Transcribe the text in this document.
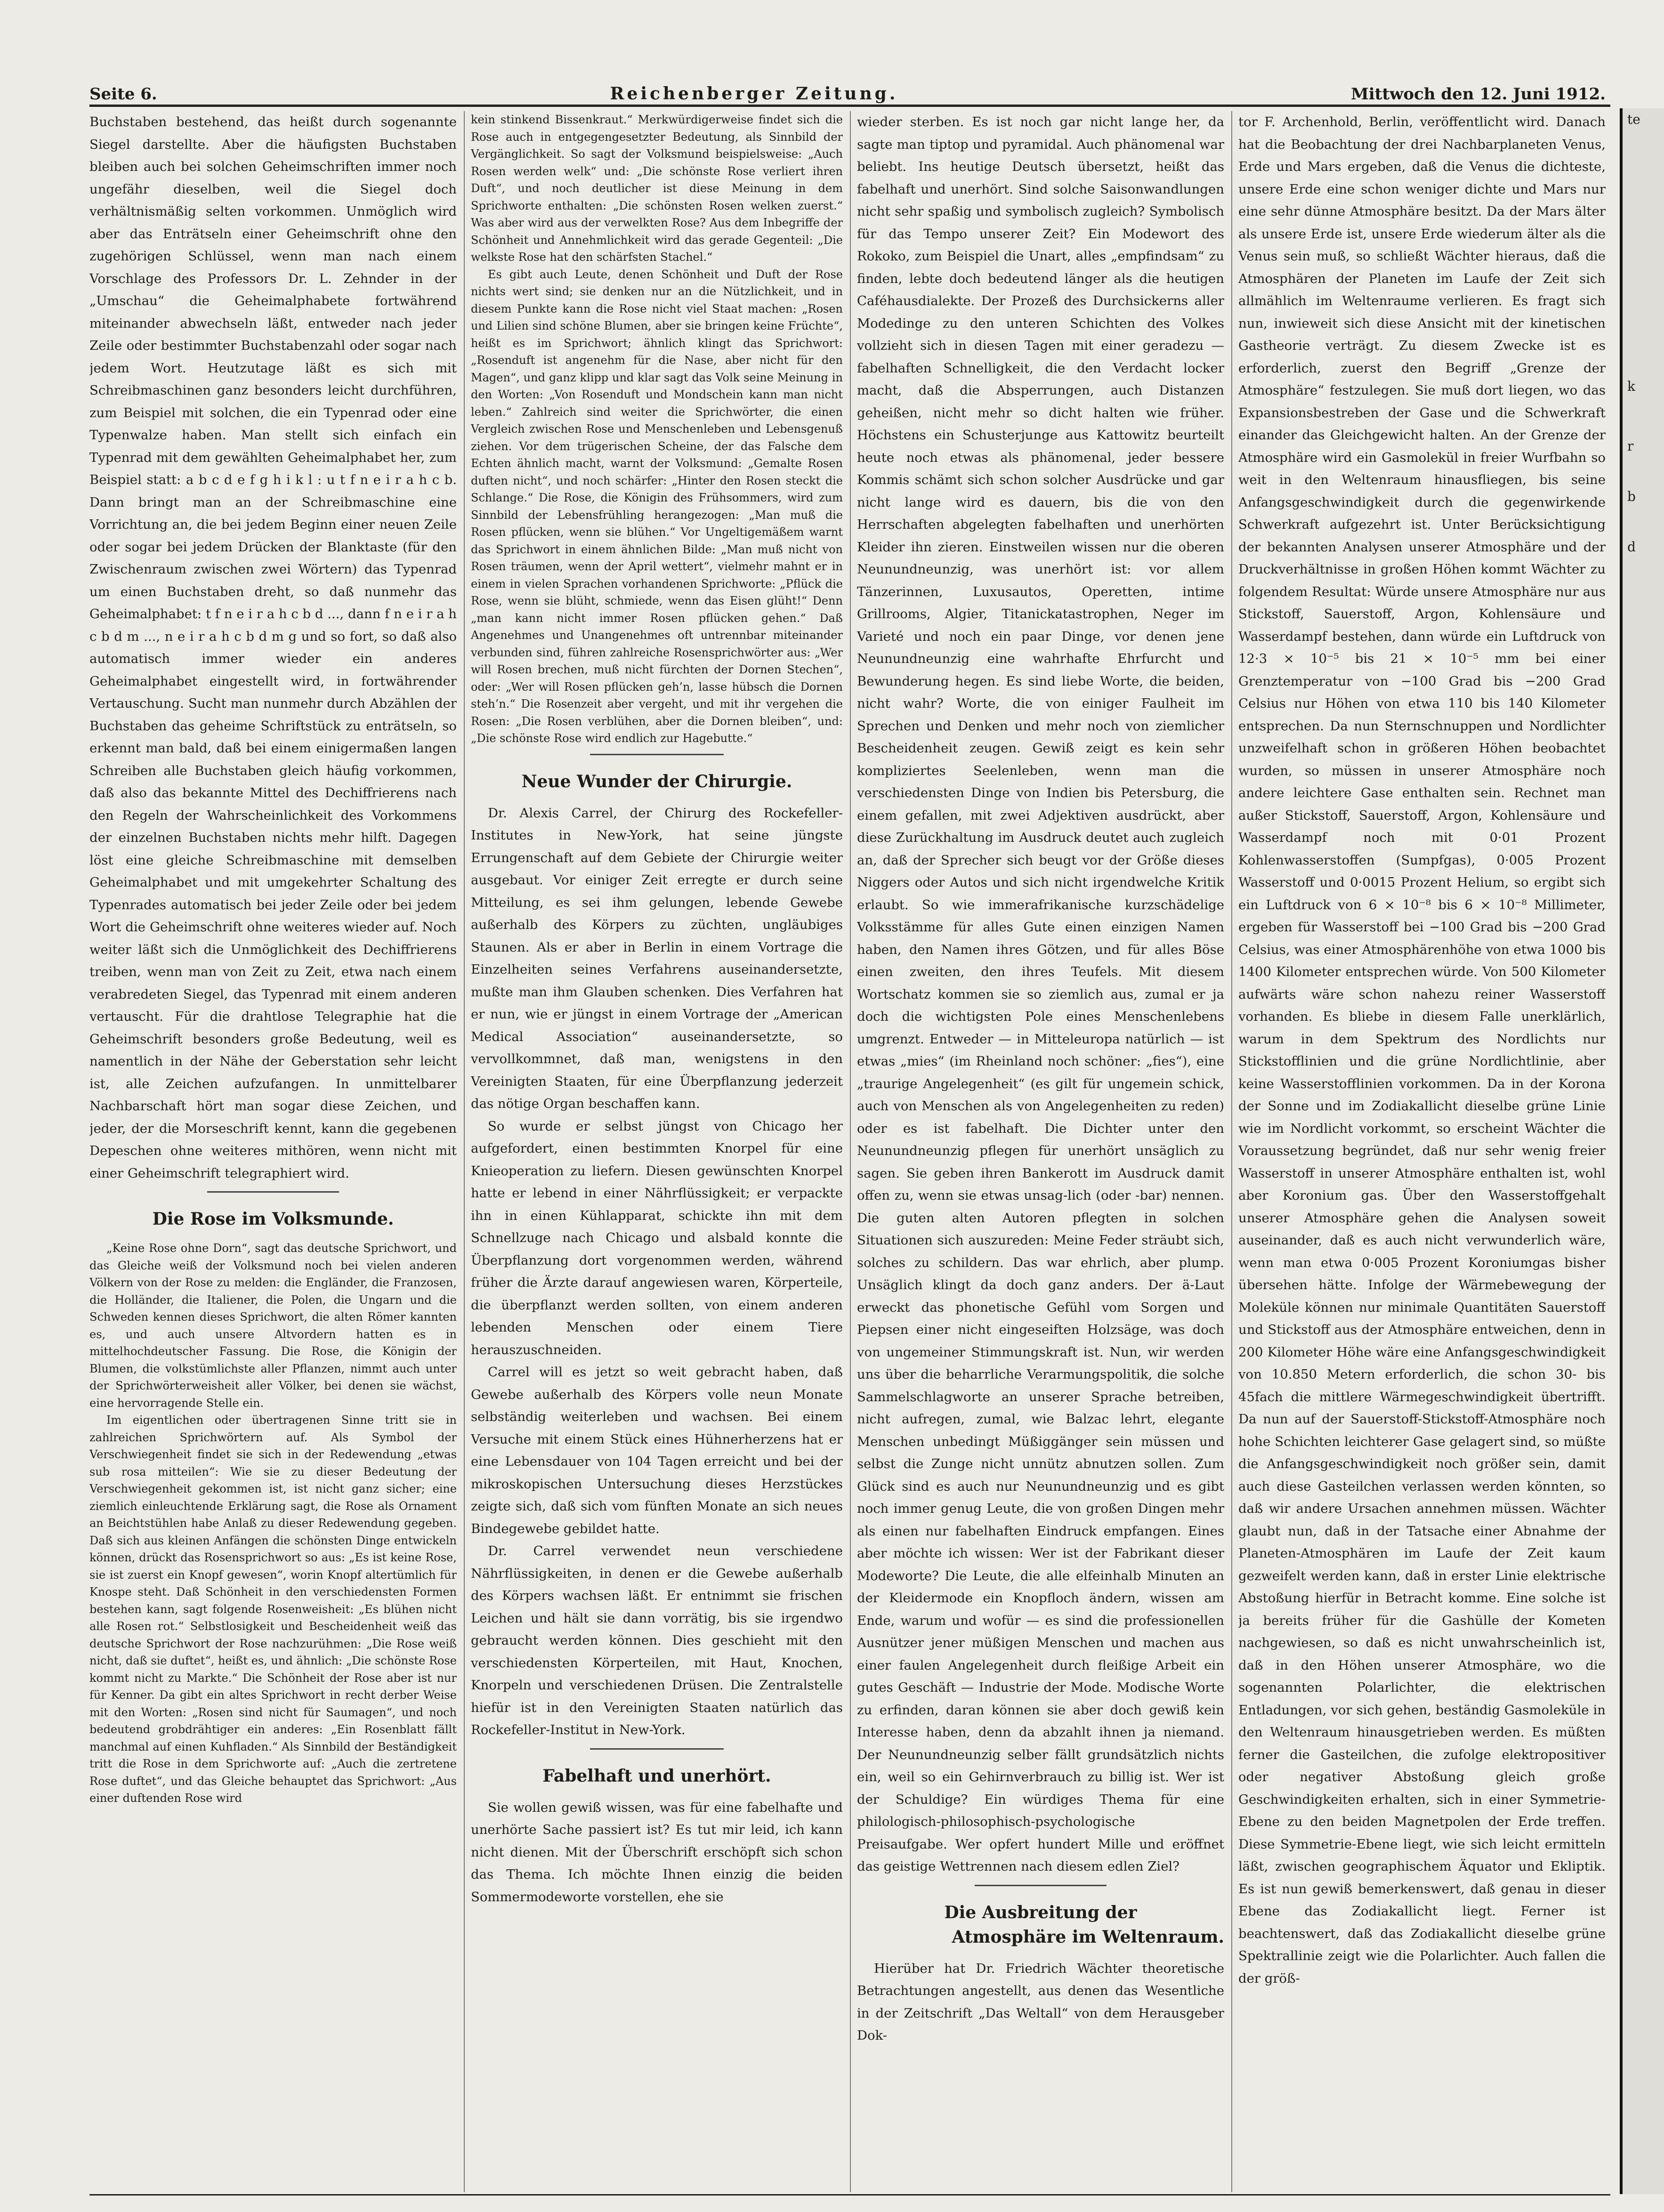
Seite 6.	Reichenberger Zeitung.	Mittwoch den 12. Juni 1912.

Buchstaben bestehend, das heißt durch sogenannte Siegel darstellte. Aber die häufigsten Buchstaben bleiben auch bei solchen Geheimschriften immer noch ungefähr dieselben, weil die Siegel doch verhältnismäßig selten vorkommen. Unmöglich wird aber das Enträtseln einer Geheimschrift ohne den zugehörigen Schlüssel, wenn man nach einem Vorschlage des Professors Dr. L. Zehnder in der „Umschau“ die Geheimalphabete fortwährend miteinander abwechseln läßt, entweder nach jeder Zeile oder bestimmter Buchstabenzahl oder sogar nach jedem Wort. Heutzutage läßt es sich mit Schreibmaschinen ganz besonders leicht durchführen, zum Beispiel mit solchen, die ein Typenrad oder eine Typenwalze haben. Man stellt sich einfach ein Typenrad mit dem gewählten Geheimalphabet her, zum Beispiel statt: a b c d e f g h i k l : u t f n e i r a h c b. Dann bringt man an der Schreibmaschine eine Vorrichtung an, die bei jedem Beginn einer neuen Zeile oder sogar bei jedem Drücken der Blanktaste (für den Zwischenraum zwischen zwei Wörtern) das Typenrad um einen Buchstaben dreht, so daß nunmehr das Geheimalphabet: t f n e i r a h c b d ..., dann f n e i r a h c b d m ..., n e i r a h c b d m g und so fort, so daß also automatisch immer wieder ein anderes Geheimalphabet eingestellt wird, in fortwährender Vertauschung. Sucht man nunmehr durch Abzählen der Buchstaben das geheime Schriftstück zu enträtseln, so erkennt man bald, daß bei einem einigermaßen langen Schreiben alle Buchstaben gleich häufig vorkommen, daß also das bekannte Mittel des Dechiffrierens nach den Regeln der Wahrscheinlichkeit des Vorkommens der einzelnen Buchstaben nichts mehr hilft. Dagegen löst eine gleiche Schreibmaschine mit demselben Geheimalphabet und mit umgekehrter Schaltung des Typenrades automatisch bei jeder Zeile oder bei jedem Wort die Geheimschrift ohne weiteres wieder auf. Noch weiter läßt sich die Unmöglichkeit des Dechiffrierens treiben, wenn man von Zeit zu Zeit, etwa nach einem verabredeten Siegel, das Typenrad mit einem anderen vertauscht. Für die drahtlose Telegraphie hat die Geheimschrift besonders große Bedeutung, weil es namentlich in der Nähe der Geberstation sehr leicht ist, alle Zeichen aufzufangen. In unmittelbarer Nachbarschaft hört man sogar diese Zeichen, und jeder, der die Morseschrift kennt, kann die gegebenen Depeschen ohne weiteres mithören, wenn nicht mit einer Geheimschrift telegraphiert wird.

Die Rose im Volksmunde.

„Keine Rose ohne Dorn“, sagt das deutsche Sprichwort, und das Gleiche weiß der Volksmund noch bei vielen anderen Völkern von der Rose zu melden: die Engländer, die Franzosen, die Holländer, die Italiener, die Polen, die Ungarn und die Schweden kennen dieses Sprichwort, die alten Römer kannten es, und auch unsere Altvordern hatten es in mittelhochdeutscher Fassung. Die Rose, die Königin der Blumen, die volkstümlichste aller Pflanzen, nimmt auch unter der Sprichwörterweisheit aller Völker, bei denen sie wächst, eine hervorragende Stelle ein.

Im eigentlichen oder übertragenen Sinne tritt sie in zahlreichen Sprichwörtern auf. Als Symbol der Verschwiegenheit findet sie sich in der Redewendung „etwas sub rosa mitteilen“: Wie sie zu dieser Bedeutung der Verschwiegenheit gekommen ist, ist nicht ganz sicher; eine ziemlich einleuchtende Erklärung sagt, die Rose als Ornament an Beichtstühlen habe Anlaß zu dieser Redewendung gegeben. Daß sich aus kleinen Anfängen die schönsten Dinge entwickeln können, drückt das Rosensprichwort so aus: „Es ist keine Rose, sie ist zuerst ein Knopf gewesen“, worin Knopf altertümlich für Knospe steht. Daß Schönheit in den verschiedensten Formen bestehen kann, sagt folgende Rosenweisheit: „Es blühen nicht alle Rosen rot.“ Selbstlosigkeit und Bescheidenheit weiß das deutsche Sprichwort der Rose nachzurühmen: „Die Rose weiß nicht, daß sie duftet“, heißt es, und ähnlich: „Die schönste Rose kommt nicht zu Markte.“ Die Schönheit der Rose aber ist nur für Kenner. Da gibt ein altes Sprichwort in recht derber Weise mit den Worten: „Rosen sind nicht für Saumagen“, und noch bedeutend grobdrähtiger ein anderes: „Ein Rosenblatt fällt manchmal auf einen Kuhfladen.“ Als Sinnbild der Beständigkeit tritt die Rose in dem Sprichworte auf: „Auch die zertretene Rose duftet“, und das Gleiche behauptet das Sprichwort: „Aus einer duftenden Rose wird

kein stinkend Bissenkraut.“ Merkwürdigerweise findet sich die Rose auch in entgegengesetzter Bedeutung, als Sinnbild der Vergänglichkeit. So sagt der Volksmund beispielsweise: „Auch Rosen werden welk“ und: „Die schönste Rose verliert ihren Duft“, und noch deutlicher ist diese Meinung in dem Sprichworte enthalten: „Die schönsten Rosen welken zuerst.“ Was aber wird aus der verwelkten Rose? Aus dem Inbegriffe der Schönheit und Annehmlichkeit wird das gerade Gegenteil: „Die welkste Rose hat den schärfsten Stachel.“

Es gibt auch Leute, denen Schönheit und Duft der Rose nichts wert sind; sie denken nur an die Nützlichkeit, und in diesem Punkte kann die Rose nicht viel Staat machen: „Rosen und Lilien sind schöne Blumen, aber sie bringen keine Früchte“, heißt es im Sprichwort; ähnlich klingt das Sprichwort: „Rosenduft ist angenehm für die Nase, aber nicht für den Magen“, und ganz klipp und klar sagt das Volk seine Meinung in den Worten: „Von Rosenduft und Mondschein kann man nicht leben.“ Zahlreich sind weiter die Sprichwörter, die einen Vergleich zwischen Rose und Menschenleben und Lebensgenuß ziehen. Vor dem trügerischen Scheine, der das Falsche dem Echten ähnlich macht, warnt der Volksmund: „Gemalte Rosen duften nicht“, und noch schärfer: „Hinter den Rosen steckt die Schlange.“ Die Rose, die Königin des Frühsommers, wird zum Sinnbild der Lebensfrühling herangezogen: „Man muß die Rosen pflücken, wenn sie blühen.“ Vor Ungeltigemäßem warnt das Sprichwort in einem ähnlichen Bilde: „Man muß nicht von Rosen träumen, wenn der April wettert“, vielmehr mahnt er in einem in vielen Sprachen vorhandenen Sprichworte: „Pflück die Rose, wenn sie blüht, schmiede, wenn das Eisen glüht!“ Denn „man kann nicht immer Rosen pflücken gehen.“ Daß Angenehmes und Unangenehmes oft untrennbar miteinander verbunden sind, führen zahlreiche Rosensprichwörter aus: „Wer will Rosen brechen, muß nicht fürchten der Dornen Stechen“, oder: „Wer will Rosen pflücken geh’n, lasse hübsch die Dornen steh’n.“ Die Rosenzeit aber vergeht, und mit ihr vergehen die Rosen: „Die Rosen verblühen, aber die Dornen bleiben“, und: „Die schönste Rose wird endlich zur Hagebutte.“

Neue Wunder der Chirurgie.

Dr. Alexis Carrel, der Chirurg des Rockefeller-Institutes in New-York, hat seine jüngste Errungenschaft auf dem Gebiete der Chirurgie weiter ausgebaut. Vor einiger Zeit erregte er durch seine Mitteilung, es sei ihm gelungen, lebende Gewebe außerhalb des Körpers zu züchten, ungläubiges Staunen. Als er aber in Berlin in einem Vortrage die Einzelheiten seines Verfahrens auseinandersetzte, mußte man ihm Glauben schenken. Dies Verfahren hat er nun, wie er jüngst in einem Vortrage der „American Medical Association“ auseinandersetzte, so vervollkommnet, daß man, wenigstens in den Vereinigten Staaten, für eine Überpflanzung jederzeit das nötige Organ beschaffen kann.

So wurde er selbst jüngst von Chicago her aufgefordert, einen bestimmten Knorpel für eine Knieoperation zu liefern. Diesen gewünschten Knorpel hatte er lebend in einer Nährflüssigkeit; er verpackte ihn in einen Kühlapparat, schickte ihn mit dem Schnellzuge nach Chicago und alsbald konnte die Überpflanzung dort vorgenommen werden, während früher die Ärzte darauf angewiesen waren, Körperteile, die überpflanzt werden sollten, von einem anderen lebenden Menschen oder einem Tiere herauszuschneiden.

Carrel will es jetzt so weit gebracht haben, daß Gewebe außerhalb des Körpers volle neun Monate selbständig weiterleben und wachsen. Bei einem Versuche mit einem Stück eines Hühnerherzens hat er eine Lebensdauer von 104 Tagen erreicht und bei der mikroskopischen Untersuchung dieses Herzstückes zeigte sich, daß sich vom fünften Monate an sich neues Bindegewebe gebildet hatte.

Dr. Carrel verwendet neun verschiedene Nährflüssigkeiten, in denen er die Gewebe außerhalb des Körpers wachsen läßt. Er entnimmt sie frischen Leichen und hält sie dann vorrätig, bis sie irgendwo gebraucht werden können. Dies geschieht mit den verschiedensten Körperteilen, mit Haut, Knochen, Knorpeln und verschiedenen Drüsen. Die Zentralstelle hiefür ist in den Vereinigten Staaten natürlich das Rockefeller-Institut in New-York.

Fabelhaft und unerhört.

Sie wollen gewiß wissen, was für eine fabelhafte und unerhörte Sache passiert ist? Es tut mir leid, ich kann nicht dienen. Mit der Überschrift erschöpft sich schon das Thema. Ich möchte Ihnen einzig die beiden Sommermodeworte vorstellen, ehe sie

wieder sterben. Es ist noch gar nicht lange her, da sagte man tiptop und pyramidal. Auch phänomenal war beliebt. Ins heutige Deutsch übersetzt, heißt das fabelhaft und unerhört. Sind solche Saisonwandlungen nicht sehr spaßig und symbolisch zugleich? Symbolisch für das Tempo unserer Zeit? Ein Modewort des Rokoko, zum Beispiel die Unart, alles „empfindsam“ zu finden, lebte doch bedeutend länger als die heutigen Caféhausdialekte. Der Prozeß des Durchsickerns aller Modedinge zu den unteren Schichten des Volkes vollzieht sich in diesen Tagen mit einer geradezu — fabelhaften Schnelligkeit, die den Verdacht locker macht, daß die Absperrungen, auch Distanzen geheißen, nicht mehr so dicht halten wie früher. Höchstens ein Schusterjunge aus Kattowitz beurteilt heute noch etwas als phänomenal, jeder bessere Kommis schämt sich schon solcher Ausdrücke und gar nicht lange wird es dauern, bis die von den Herrschaften abgelegten fabelhaften und unerhörten Kleider ihn zieren. Einstweilen wissen nur die oberen Neunundneunzig, was unerhört ist: vor allem Tänzerinnen, Luxusautos, Operetten, intime Grillrooms, Algier, Titanickatastrophen, Neger im Varieté und noch ein paar Dinge, vor denen jene Neunundneunzig eine wahrhafte Ehrfurcht und Bewunderung hegen. Es sind liebe Worte, die beiden, nicht wahr? Worte, die von einiger Faulheit im Sprechen und Denken und mehr noch von ziemlicher Bescheidenheit zeugen. Gewiß zeigt es kein sehr kompliziertes Seelenleben, wenn man die verschiedensten Dinge von Indien bis Petersburg, die einem gefallen, mit zwei Adjektiven ausdrückt, aber diese Zurückhaltung im Ausdruck deutet auch zugleich an, daß der Sprecher sich beugt vor der Größe dieses Niggers oder Autos und sich nicht irgendwelche Kritik erlaubt. So wie immerafrikanische kurzschädelige Volksstämme für alles Gute einen einzigen Namen haben, den Namen ihres Götzen, und für alles Böse einen zweiten, den ihres Teufels. Mit diesem Wortschatz kommen sie so ziemlich aus, zumal er ja doch die wichtigsten Pole eines Menschenlebens umgrenzt. Entweder — in Mitteleuropa natürlich — ist etwas „mies“ (im Rheinland noch schöner: „fies“), eine „traurige Angelegenheit“ (es gilt für ungemein schick, auch von Menschen als von Angelegenheiten zu reden) oder es ist fabelhaft. Die Dichter unter den Neunundneunzig pflegen für unerhört unsäglich zu sagen. Sie geben ihren Bankerott im Ausdruck damit offen zu, wenn sie etwas unsag-lich (oder -bar) nennen. Die guten alten Autoren pflegten in solchen Situationen sich auszureden: Meine Feder sträubt sich, solches zu schildern. Das war ehrlich, aber plump. Unsäglich klingt da doch ganz anders. Der ä-Laut erweckt das phonetische Gefühl vom Sorgen und Piepsen einer nicht eingeseiften Holzsäge, was doch von ungemeiner Stimmungskraft ist. Nun, wir werden uns über die beharrliche Verarmungspolitik, die solche Sammelschlagworte an unserer Sprache betreiben, nicht aufregen, zumal, wie Balzac lehrt, elegante Menschen unbedingt Müßiggänger sein müssen und selbst die Zunge nicht unnütz abnutzen sollen. Zum Glück sind es auch nur Neunundneunzig und es gibt noch immer genug Leute, die von großen Dingen mehr als einen nur fabelhaften Eindruck empfangen. Eines aber möchte ich wissen: Wer ist der Fabrikant dieser Modeworte? Die Leute, die alle elfeinhalb Minuten an der Kleidermode ein Knopfloch ändern, wissen am Ende, warum und wofür — es sind die professionellen Ausnützer jener müßigen Menschen und machen aus einer faulen Angelegenheit durch fleißige Arbeit ein gutes Geschäft — Industrie der Mode. Modische Worte zu erfinden, daran können sie aber doch gewiß kein Interesse haben, denn da abzahlt ihnen ja niemand. Der Neunundneunzig selber fällt grundsätzlich nichts ein, weil so ein Gehirnverbrauch zu billig ist. Wer ist der Schuldige? Ein würdiges Thema für eine philologisch-philosophisch-psychologische Preisaufgabe. Wer opfert hundert Mille und eröffnet das geistige Wettrennen nach diesem edlen Ziel?

Die Ausbreitung der
Atmosphäre im Weltenraum.

Hierüber hat Dr. Friedrich Wächter theoretische Betrachtungen angestellt, aus denen das Wesentliche in der Zeitschrift „Das Weltall“ von dem Herausgeber Dok-

tor F. Archenhold, Berlin, veröffentlicht wird. Danach hat die Beobachtung der drei Nachbarplaneten Venus, Erde und Mars ergeben, daß die Venus die dichteste, unsere Erde eine schon weniger dichte und Mars nur eine sehr dünne Atmosphäre besitzt. Da der Mars älter als unsere Erde ist, unsere Erde wiederum älter als die Venus sein muß, so schließt Wächter hieraus, daß die Atmosphären der Planeten im Laufe der Zeit sich allmählich im Weltenraume verlieren. Es fragt sich nun, inwieweit sich diese Ansicht mit der kinetischen Gastheorie verträgt. Zu diesem Zwecke ist es erforderlich, zuerst den Begriff „Grenze der Atmosphäre“ festzulegen. Sie muß dort liegen, wo das Expansionsbestreben der Gase und die Schwerkraft einander das Gleichgewicht halten. An der Grenze der Atmosphäre wird ein Gasmolekül in freier Wurfbahn so weit in den Weltenraum hinausfliegen, bis seine Anfangsgeschwindigkeit durch die gegenwirkende Schwerkraft aufgezehrt ist. Unter Berücksichtigung der bekannten Analysen unserer Atmosphäre und der Druckverhältnisse in großen Höhen kommt Wächter zu folgendem Resultat: Würde unsere Atmosphäre nur aus Stickstoff, Sauerstoff, Argon, Kohlensäure und Wasserdampf bestehen, dann würde ein Luftdruck von 12·3 × 10⁻⁵ bis 21 × 10⁻⁵ mm bei einer Grenztemperatur von −100 Grad bis −200 Grad Celsius nur Höhen von etwa 110 bis 140 Kilometer entsprechen. Da nun Sternschnuppen und Nordlichter unzweifelhaft schon in größeren Höhen beobachtet wurden, so müssen in unserer Atmosphäre noch andere leichtere Gase enthalten sein. Rechnet man außer Stickstoff, Sauerstoff, Argon, Kohlensäure und Wasserdampf noch mit 0·01 Prozent Kohlenwasserstoffen (Sumpfgas), 0·005 Prozent Wasserstoff und 0·0015 Prozent Helium, so ergibt sich ein Luftdruck von 6 × 10⁻⁸ bis 6 × 10⁻⁸ Millimeter, ergeben für Wasserstoff bei −100 Grad bis −200 Grad Celsius, was einer Atmosphärenhöhe von etwa 1000 bis 1400 Kilometer entsprechen würde. Von 500 Kilometer aufwärts wäre schon nahezu reiner Wasserstoff vorhanden. Es bliebe in diesem Falle unerklärlich, warum in dem Spektrum des Nordlichts nur Stickstofflinien und die grüne Nordlichtlinie, aber keine Wasserstofflinien vorkommen. Da in der Korona der Sonne und im Zodiakallicht dieselbe grüne Linie wie im Nordlicht vorkommt, so erscheint Wächter die Voraussetzung begründet, daß nur sehr wenig freier Wasserstoff in unserer Atmosphäre enthalten ist, wohl aber Koronium gas. Über den Wasserstoffgehalt unserer Atmosphäre gehen die Analysen soweit auseinander, daß es auch nicht verwunderlich wäre, wenn man etwa 0·005 Prozent Koroniumgas bisher übersehen hätte. Infolge der Wärmebewegung der Moleküle können nur minimale Quantitäten Sauerstoff und Stickstoff aus der Atmosphäre entweichen, denn in 200 Kilometer Höhe wäre eine Anfangsgeschwindigkeit von 10.850 Metern erforderlich, die schon 30- bis 45fach die mittlere Wärmegeschwindigkeit übertrifft. Da nun auf der Sauerstoff-Stickstoff-Atmosphäre noch hohe Schichten leichterer Gase gelagert sind, so müßte die Anfangsgeschwindigkeit noch größer sein, damit auch diese Gasteilchen verlassen werden könnten, so daß wir andere Ursachen annehmen müssen. Wächter glaubt nun, daß in der Tatsache einer Abnahme der Planeten-Atmosphären im Laufe der Zeit kaum gezweifelt werden kann, daß in erster Linie elektrische Abstoßung hierfür in Betracht komme. Eine solche ist ja bereits früher für die Gashülle der Kometen nachgewiesen, so daß es nicht unwahrscheinlich ist, daß in den Höhen unserer Atmosphäre, wo die sogenannten Polarlichter, die elektrischen Entladungen, vor sich gehen, beständig Gasmoleküle in den Weltenraum hinausgetrieben werden. Es müßten ferner die Gasteilchen, die zufolge elektropositiver oder negativer Abstoßung gleich große Geschwindigkeiten erhalten, sich in einer Symmetrie-Ebene zu den beiden Magnetpolen der Erde treffen. Diese Symmetrie-Ebene liegt, wie sich leicht ermitteln läßt, zwischen geographischem Äquator und Ekliptik. Es ist nun gewiß bemerkenswert, daß genau in dieser Ebene das Zodiakallicht liegt. Ferner ist beachtenswert, daß das Zodiakallicht dieselbe grüne Spektrallinie zeigt wie die Polarlichter. Auch fallen die der größ-

te
k
r
b
d
